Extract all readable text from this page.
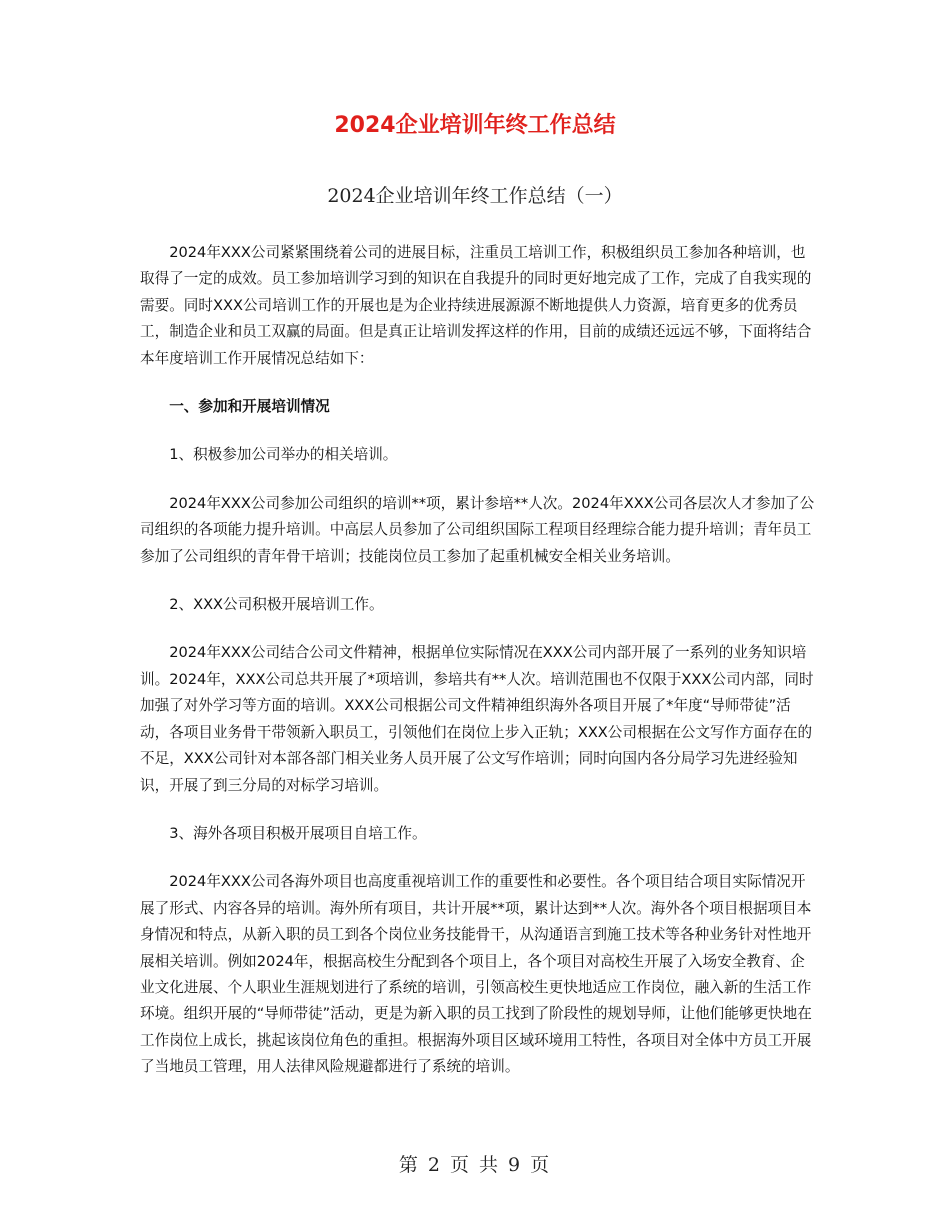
2024企业培训年终工作总结
2024企业培训年终工作总结（一）

2024年XXX公司紧紧围绕着公司的进展目标，注重员工培训工作，积极组织员工参加各种培训，也取得了一定的成效。员工参加培训学习到的知识在自我提升的同时更好地完成了工作，完成了自我实现的需要。同时XXX公司培训工作的开展也是为企业持续进展源源不断地提供人力资源，培育更多的优秀员工，制造企业和员工双赢的局面。但是真正让培训发挥这样的作用，目前的成绩还远远不够，下面将结合本年度培训工作开展情况总结如下：

一、参加和开展培训情况

1、积极参加公司举办的相关培训。

2024年XXX公司参加公司组织的培训**项，累计参培**人次。2024年XXX公司各层次人才参加了公司组织的各项能力提升培训。中高层人员参加了公司组织国际工程项目经理综合能力提升培训；青年员工参加了公司组织的青年骨干培训；技能岗位员工参加了起重机械安全相关业务培训。

2、XXX公司积极开展培训工作。

2024年XXX公司结合公司文件精神，根据单位实际情况在XXX公司内部开展了一系列的业务知识培训。2024年，XXX公司总共开展了*项培训，参培共有**人次。培训范围也不仅限于XXX公司内部，同时加强了对外学习等方面的培训。XXX公司根据公司文件精神组织海外各项目开展了*年度“导师带徒”活动，各项目业务骨干带领新入职员工，引领他们在岗位上步入正轨；XXX公司根据在公文写作方面存在的不足，XXX公司针对本部各部门相关业务人员开展了公文写作培训；同时向国内各分局学习先进经验知识，开展了到三分局的对标学习培训。

3、海外各项目积极开展项目自培工作。

2024年XXX公司各海外项目也高度重视培训工作的重要性和必要性。各个项目结合项目实际情况开展了形式、内容各异的培训。海外所有项目，共计开展**项，累计达到**人次。海外各个项目根据项目本身情况和特点，从新入职的员工到各个岗位业务技能骨干，从沟通语言到施工技术等各种业务针对性地开展相关培训。例如2024年，根据高校生分配到各个项目上，各个项目对高校生开展了入场安全教育、企业文化进展、个人职业生涯规划进行了系统的培训，引领高校生更快地适应工作岗位，融入新的生活工作环境。组织开展的“导师带徒”活动，更是为新入职的员工找到了阶段性的规划导师，让他们能够更快地在工作岗位上成长，挑起该岗位角色的重担。根据海外项目区域环境用工特性，各项目对全体中方员工开展了当地员工管理，用人法律风险规避都进行了系统的培训。

第 2 页 共 9 页
